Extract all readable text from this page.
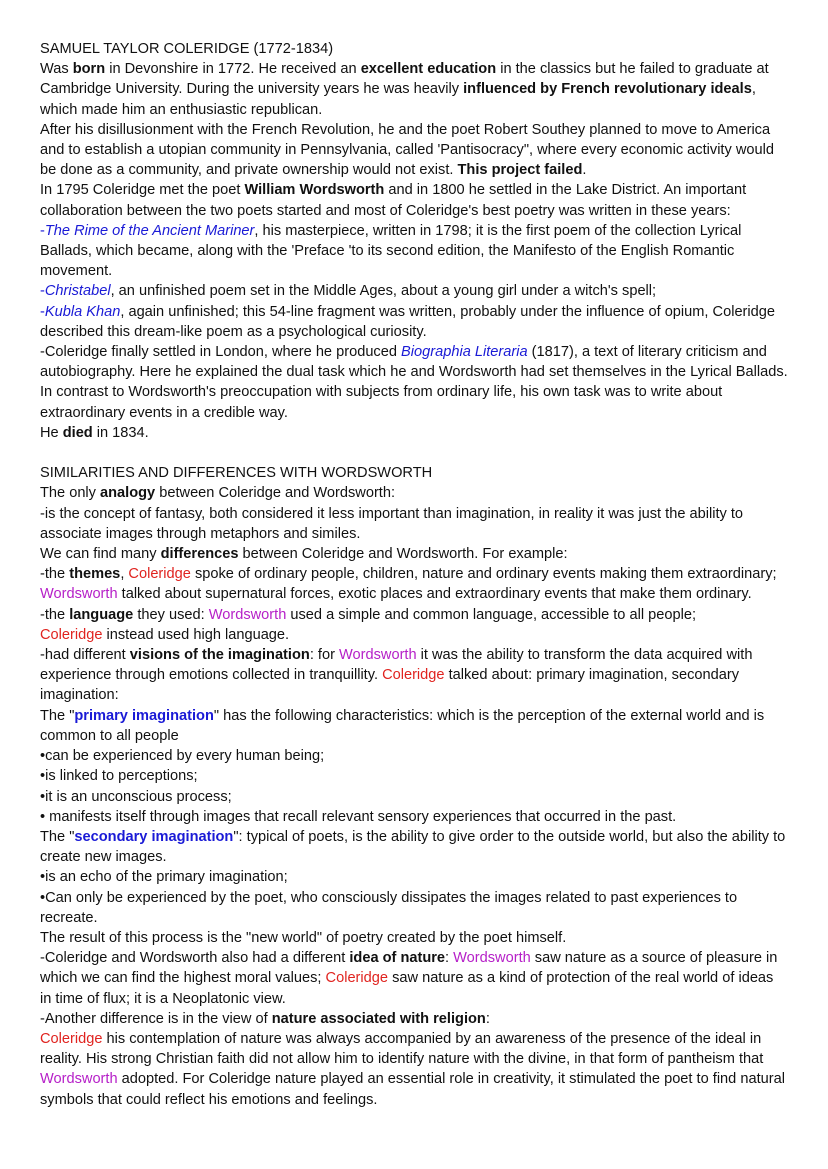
SAMUEL TAYLOR COLERIDGE (1772-1834)
Was born in Devonshire in 1772. He received an excellent education in the classics but he failed to graduate at Cambridge University. During the university years he was heavily influenced by French revolutionary ideals, which made him an enthusiastic republican.
After his disillusionment with the French Revolution, he and the poet Robert Southey planned to move to America and to establish a utopian community in Pennsylvania, called 'Pantisocracy", where every economic activity would be done as a community, and private ownership would not exist. This project failed.
In 1795 Coleridge met the poet William Wordsworth and in 1800 he settled in the Lake District. An important collaboration between the two poets started and most of Coleridge's best poetry was written in these years:
-The Rime of the Ancient Mariner, his masterpiece, written in 1798; it is the first poem of the collection Lyrical Ballads, which became, along with the 'Preface 'to its second edition, the Manifesto of the English Romantic movement.
-Christabel, an unfinished poem set in the Middle Ages, about a young girl under a witch's spell;
-Kubla Khan, again unfinished; this 54-line fragment was written, probably under the influence of opium, Coleridge described this dream-like poem as a psychological curiosity.
-Coleridge finally settled in London, where he produced Biographia Literaria (1817), a text of literary criticism and autobiography. Here he explained the dual task which he and Wordsworth had set themselves in the Lyrical Ballads. In contrast to Wordsworth's preoccupation with subjects from ordinary life, his own task was to write about extraordinary events in a credible way.
He died in 1834.
SIMILARITIES AND DIFFERENCES WITH WORDSWORTH
The only analogy between Coleridge and Wordsworth:
-is the concept of fantasy, both considered it less important than imagination, in reality it was just the ability to associate images through metaphors and similes.
We can find many differences between Coleridge and Wordsworth. For example:
-the themes, Coleridge spoke of ordinary people, children, nature and ordinary events making them extraordinary; Wordsworth talked about supernatural forces, exotic places and extraordinary events that make them ordinary.
-the language they used: Wordsworth used a simple and common language, accessible to all people;
Coleridge instead used high language.
-had different visions of the imagination: for Wordsworth it was the ability to transform the data acquired with experience through emotions collected in tranquillity. Coleridge talked about: primary imagination, secondary imagination:
The "primary imagination" has the following characteristics: which is the perception of the external world and is common to all people
•can be experienced by every human being;
•is linked to perceptions;
•it is an unconscious process;
• manifests itself through images that recall relevant sensory experiences that occurred in the past.
The "secondary imagination": typical of poets, is the ability to give order to the outside world, but also the ability to create new images.
•is an echo of the primary imagination;
•Can only be experienced by the poet, who consciously dissipates the images related to past experiences to recreate.
The result of this process is the "new world" of poetry created by the poet himself.
-Coleridge and Wordsworth also had a different idea of nature: Wordsworth saw nature as a source of pleasure in which we can find the highest moral values; Coleridge saw nature as a kind of protection of the real world of ideas in time of flux; it is a Neoplatonic view.
-Another difference is in the view of nature associated with religion:
Coleridge his contemplation of nature was always accompanied by an awareness of the presence of the ideal in reality. His strong Christian faith did not allow him to identify nature with the divine, in that form of pantheism that Wordsworth adopted. For Coleridge nature played an essential role in creativity, it stimulated the poet to find natural symbols that could reflect his emotions and feelings.
